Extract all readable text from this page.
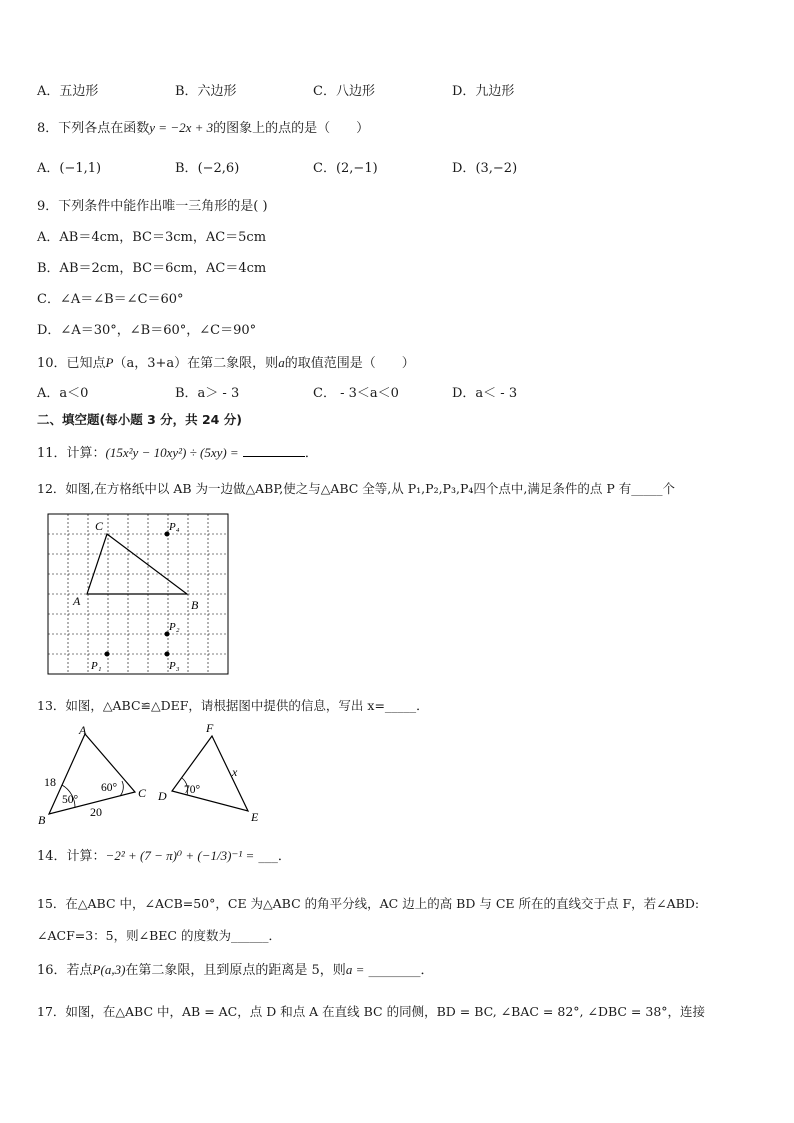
A．五边形	B．六边形	C．八边形	D．九边形
8．下列各点在函数y = −2x + 3的图象上的点的是（　　）
A．(−1,1)	B．(−2,6)	C．(2,−1)	D．(3,−2)
9．下列条件中能作出唯一三角形的是( )
A．AB＝4cm，BC＝3cm，AC＝5cm
B．AB＝2cm，BC＝6cm，AC＝4cm
C．∠A＝∠B＝∠C＝60°
D．∠A＝30°，∠B＝60°，∠C＝90°
10．已知点P（a，3+a）在第二象限，则a的取值范围是（　　）
A．a＜0	B．a＞ - 3	C． - 3＜a＜0	D．a＜ - 3
二、填空题(每小题 3 分，共 24 分)
11．计算：(15x²y − 10xy²) ÷ (5xy) =	．
12．如图,在方格纸中以 AB 为一边做△ABP,使之与△ABC 全等,从 P₁,P₂,P₃,P₄四个点中,满足条件的点 P 有_____个
C
A	B
P₄
P₂
P₁	P₃
13．如图，△ABC≌△DEF，请根据图中提供的信息，写出 x=_____．
A
B
C
18
20
50°
60°
F
D
E
x
70°
14．计算：−2² + (7 − π)⁰ + (−1/3)⁻¹ = ___．
15．在△ABC 中，∠ACB=50°，CE 为△ABC 的角平分线，AC 边上的高 BD 与 CE 所在的直线交于点 F，若∠ABD:
∠ACF=3：5，则∠BEC 的度数为______．
16．若点P(a,3)在第二象限，且到原点的距离是 5，则a = ________．
17．如图，在△ABC 中，AB = AC，点 D 和点 A 在直线 BC 的同侧，BD = BC, ∠BAC = 82°, ∠DBC = 38°，连接
